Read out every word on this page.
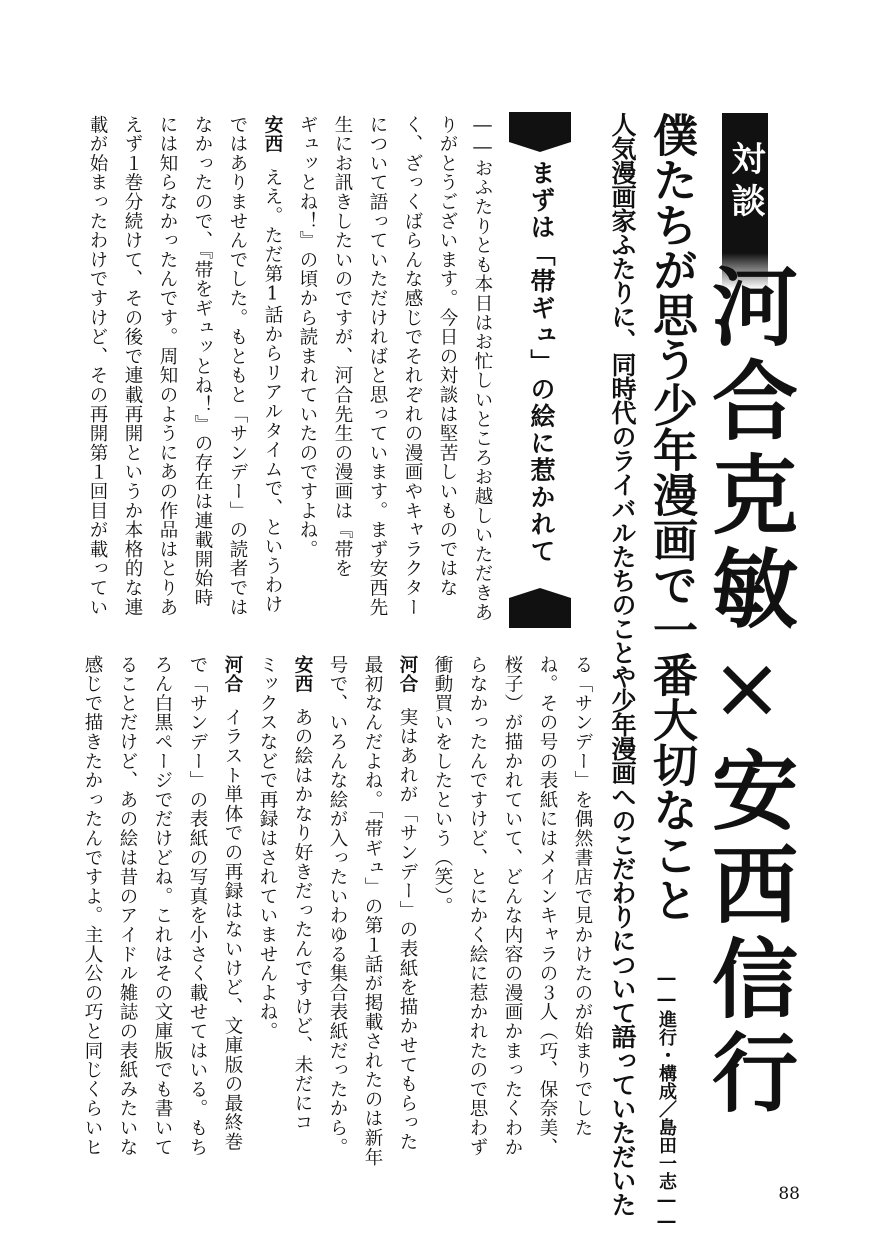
対談
河合克敏×安西信行
僕たちが思う少年漫画で一番大切なこと
人気漫画家ふたりに、同時代のライバルたちのことや少年漫画へのこだわりについて語っていただいた	――進行・構成／島田一志――
まずは「帯ギュ」の絵に惹かれて
――おふたりとも本日はお忙しいところお越しいただきあ
りがとうございます。今日の対談は堅苦しいものではな
く、ざっくばらんな感じでそれぞれの漫画やキャラクター
について語っていただければと思っています。まず安西先
生にお訊きしたいのですが、河合先生の漫画は『帯を
ギュッとね！』の頃から読まれていたのですよね。
安西ええ。ただ第1話からリアルタイムで、というわけ
ではありませんでした。もともと「サンデー」の読者では
なかったので、『帯をギュッとね！』の存在は連載開始時
には知らなかったんです。周知のようにあの作品はとりあ
えず１巻分続けて、その後で連載再開というか本格的な連
載が始まったわけですけど、その再開第１回目が載ってい
る「サンデー」を偶然書店で見かけたのが始まりでした
ね。その号の表紙にはメインキャラの３人（巧、保奈美、
桜子）が描かれていて、どんな内容の漫画かまったくわか
らなかったんですけど、とにかく絵に惹かれたので思わず
衝動買いをしたという（笑）。
河合実はあれが「サンデー」の表紙を描かせてもらった
最初なんだよね。「帯ギュ」の第１話が掲載されたのは新年
号で、いろんな絵が入ったいわゆる集合表紙だったから。
安西あの絵はかなり好きだったんですけど、未だにコ
ミックスなどで再録はされていませんよね。
河合イラスト単体での再録はないけど、文庫版の最終巻
で「サンデー」の表紙の写真を小さく載せてはいる。もち
ろん白黒ページでだけどね。これはその文庫版でも書いて
ることだけど、あの絵は昔のアイドル雑誌の表紙みたいな
感じで描きたかったんですよ。主人公の巧と同じくらいヒ
88
